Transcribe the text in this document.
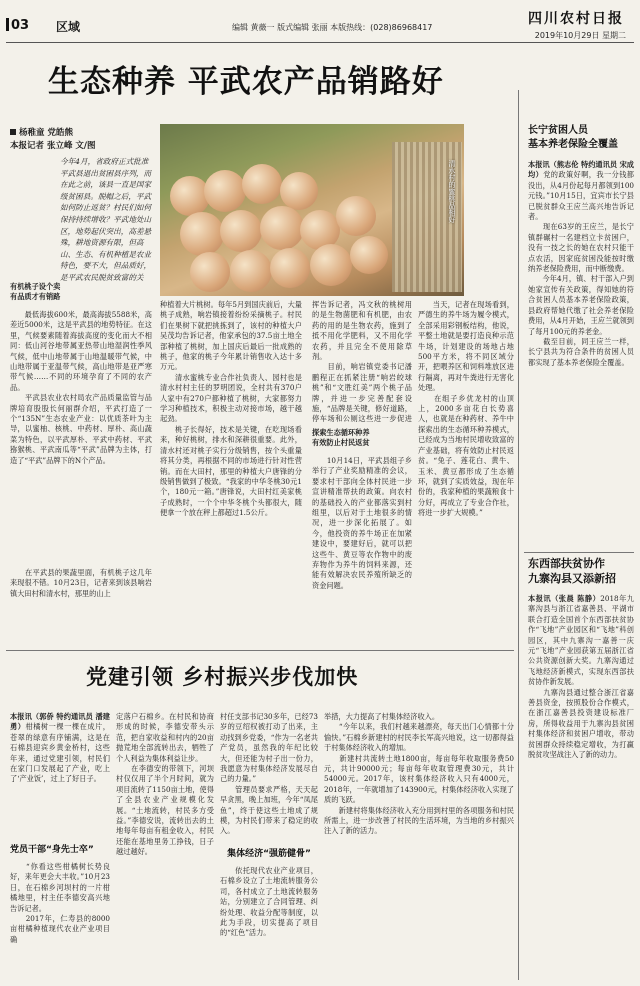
03 区域	编辑 黄薇一 版式编辑 张丽 本版热线：(028)86968417
四川农村日报
2019年10月29日 星期二
生态种养 平武农产品销路好
杨稚童 党皓熊
本报记者 张立峰 文/图
今年4月，省政府正式批准平武县退出贫困县序列，而在此之前，该县一直是国家级贫困县。脱帽之后，平武如何防止返贫？村民们如何保持持续增收？平武地处山区，地势起伏突出，高差悬殊，耕地资源有限，但高山、生态、有机种植是农业特色，要不大，但品质好，是平武农民脱贫致富的关
清水村的蜜桃品相好
有机桃子设个卖
有品质才有销路
　　最低海拔600米，最高海拔5588米，高差近5000米，这是平武县的地势特征。在这里，气候要素随着海拔高度的变化而大不相同：低山河谷地带属亚热带山地湿润性季风气候，低中山地带属于山地温暖带气候，中山地带属于亚温带气候，高山地带是亚严寒带气候……不同的环境孕育了不同的农产品。
　　平武县农业农村局农产品质量监管与品牌培育股股长何丽群介绍，平武打造了一个“135N”生态农业产业：以优质茶叶为主导，以蜜柚、核桃、中药材、厚朴、高山蔬菜为特色，以平武厚朴、平武中药材、平武猕猴桃、平武南瓜等“平武”品牌为主体，打造了“平武”品牌下的N个产品。
　　在平武县的果蔬里面，有机桃子这几年来现很不错。10月23日，记者来到该县响岩镇大田村和清水村，那里的山上
种植着大片桃树。每年5月到国庆前后，大量桃子成熟，响岩镇接着纷纷采摘桃子。村民们在果树下就把挑拣到了，该村的种植大户吴茂均告诉记者，他家承包的37.5亩土地全部种植了桃树，加上国庆后最后一批成熟的桃子，他家的桃子今年累计销售收入达十多万元。
　　清水蜜桃专业合作社负责人、园村也是清水村村主任的罗明团说，全村共有370户人家中有270户都种植了桃树，大家都努力学习种植技术，积极主动对接市场，越干越起劲。
　　桃子长得好，技术是关键，在吃现场看来，种好桃树，排水和深耕很重要。此外，清水村还对桃子实行分级销售，按个头重量将其分类，再根据不同的市场进行针对性营销。而在大田村，那里的种植大户唐锋的分级销售做到了极致。“我家的中华冬桃30元1个，180元一箱。”唐锋说，大田村红美家桃子成熟时，一个个中华冬桃个头都很大，随便拿一个放在秤上都超过1.5公斤。
挥告诉记者，冯文秋的桃树用的是生物菌肥和有机肥，由农药的用的是生物农药，施到了抵不用化学肥料，又不用化学农药，并且完全不使用除草剂。
　　目前，响岩镇党委书记潘鹏程正在抓紧注册“响岩皎球桃”和“文胜红美”两个桃子品牌，并进一步完善配套设施，“品牌是关键，修好道路，停车场和公厕这些进一步促进
探索生态循环种养
有效防止村民返贫
　　10月14日，平武县组子乡举行了产业奖励精准的会议，要求村干部向全体村民进一步宣讲精准帮扶的政策。向农村的基础投入的产业都落实到村组里，以后对于土地很多的情况，进一步深化拓展了。如今，他投资的养牛场正在加紧建设中，要建好后，就可以把这些牛、黄豆等农作物中的废弃物作为养牛的饲料来源，还能有效解决农民养殖所缺乏的资金问题。
　　当天，记者在现场看到，严德生的养牛场为履令模式，全部采用彩钢板结构，他说，平整土地就是要打造良种示范牛场，计划建设的场地占地500平方米，将不同区域分开，把喂养区和饲料堆放区进行隔离，再对牛粪进行无害化处理。
　　在组子乡优龙村的山顶上，2000多亩花白长势喜人，也就是在种药材、养牛中探索出的生态循环种养模式，已经成为当地村民增收致富的产业基础，将有效防止村民返贫。“兔子、莲花白、黄牛、玉米、黄豆都形成了生态循环，就到了实质效益，现在年份的，我家种植的果蔬粮食十分好，再成立了专业合作社，将进一步扩大规模。”
长宁贫困人员
基本养老保险全覆盖
本报讯（熊志伦 特约通讯员 宋成均）党的政策好啊，我一分钱都没出，从4月份起每月都领到100元钱。”10月15日，宜宾市长宁县已脱贫群众王应兰高兴地告诉记者。
　　现在63岁的王应兰，是长宁镇群碾村一名建档立卡贫困户，没有一技之长的她在农村只能干点农活，因家庭贫困没能按时缴纳养老保险费用，而中断缴费。
　　今年4月，镇、村干部入户到她家宣传有关政策，得知她的符合贫困人员基本养老保险政策，县政府帮她代缴了社会养老保险费用，从4月开始，王应兰就领到了每月100元的养老金。
　　截至目前，同王应兰一样，长宁县共为符合条件的贫困人员都实现了基本养老保险全覆盖。
东西部扶贫协作
九寨沟县又添新招
本报讯（张晨 陈静）2018年九寨沟县与浙江省嘉善县、平湖市联合打造全国首个东西部扶贫协作“飞地”产业园区和“飞地”科创园区，其中九寨沟一嘉善一庆元“飞地”产业园获第五届浙江省公共资源创新大奖。九寨沟通过飞地经济新模式，实现东西部扶贫协作新发展。
　　九寨沟县通过整合浙江省嘉善县资金，按照股份合作模式，在浙江嘉善县投资建设标准厂房，所得收益用于九寨沟县贫困村集体经济和贫困户增收，带动贫困群众持续稳定增收，为打赢脱贫攻坚战注入了新的动力。
党建引领 乡村振兴步伐加快
本报讯（郭侨 特约通讯员 潘建勇）柑橘树一棵一棵在成片，苍翠的绿意有序铺满，这是在石棉县迎宾乡黄金桥村，这些年来，通过党建引领，村民们在家门口发展起了产业，吃上了‘产业饭’，过上了好日子。
党员干部“身先士卒”
　　“你看这些柑橘树长势良好，来年更会大丰收。”10月23日，在石棉乡河坝村的一片柑橘地里，村主任李德安高兴地告诉记者。
　　2017年，仁寿县的8000亩柑橘种植现代农业产业项目确
定落户石棉乡。在村民和协商形成的时候，李德安带头示范，把自家收益和村内的20亩抛荒地全部流转出去，牺牲了个人利益为集体利益让步。
　　在李德安的带领下，河坝村仅仅用了半个月时间，就为项目流转了1150亩土地，使得了全县农业产业规模化发展。“土地流转，村民多方受益。”李德安说，流转出去的土地每年每亩有租金收入，村民还能在基地里务工挣钱，日子越过越好。
村任支部书记30多年，已经73岁的豆绍权被打动了出来，主动找到乡党委，“作为一名老共产党员，虽然我的年纪比较大，但还能为村子出一份力，我愿意为村集体经济发展尽自己的力量。”
　　管理员要求严格，天天起早贪黑，晚上加班，今年“凤尾鱼”，终于使这些土地成了规模，为村民们带来了稳定的收入。
集体经济“强筋健骨”
　　依托现代农业产业项目，石棉乡设立了土地流转服务公司，各村成立了土地流转服务站，分别建立了合同管理、纠纷处理、收益分配等制度，以此为手段，切实提高了项目的“红色”活力。
举措，大力提高了村集体经济收入。
　　“今年以来，我们村越来越漂亮，每天出门心情都十分愉快。”石棉乡新建村的村民李长军高兴地说，这一切都得益于村集体经济收入的增加。
　　新建村共流转土地1800亩，每亩每年收取服务费50元，共计90000元；每亩每年收取管理费30元，共计54000元。2017年，该村集体经济收入只有4000元，2018年，一年就增加了143900元，村集体经济收入实现了质的飞跃。
　　新建村将集体经济收入充分用到村里的各项服务和村民所需上，进一步改善了村民的生活环境，为当地的乡村振兴注入了新的活力。
